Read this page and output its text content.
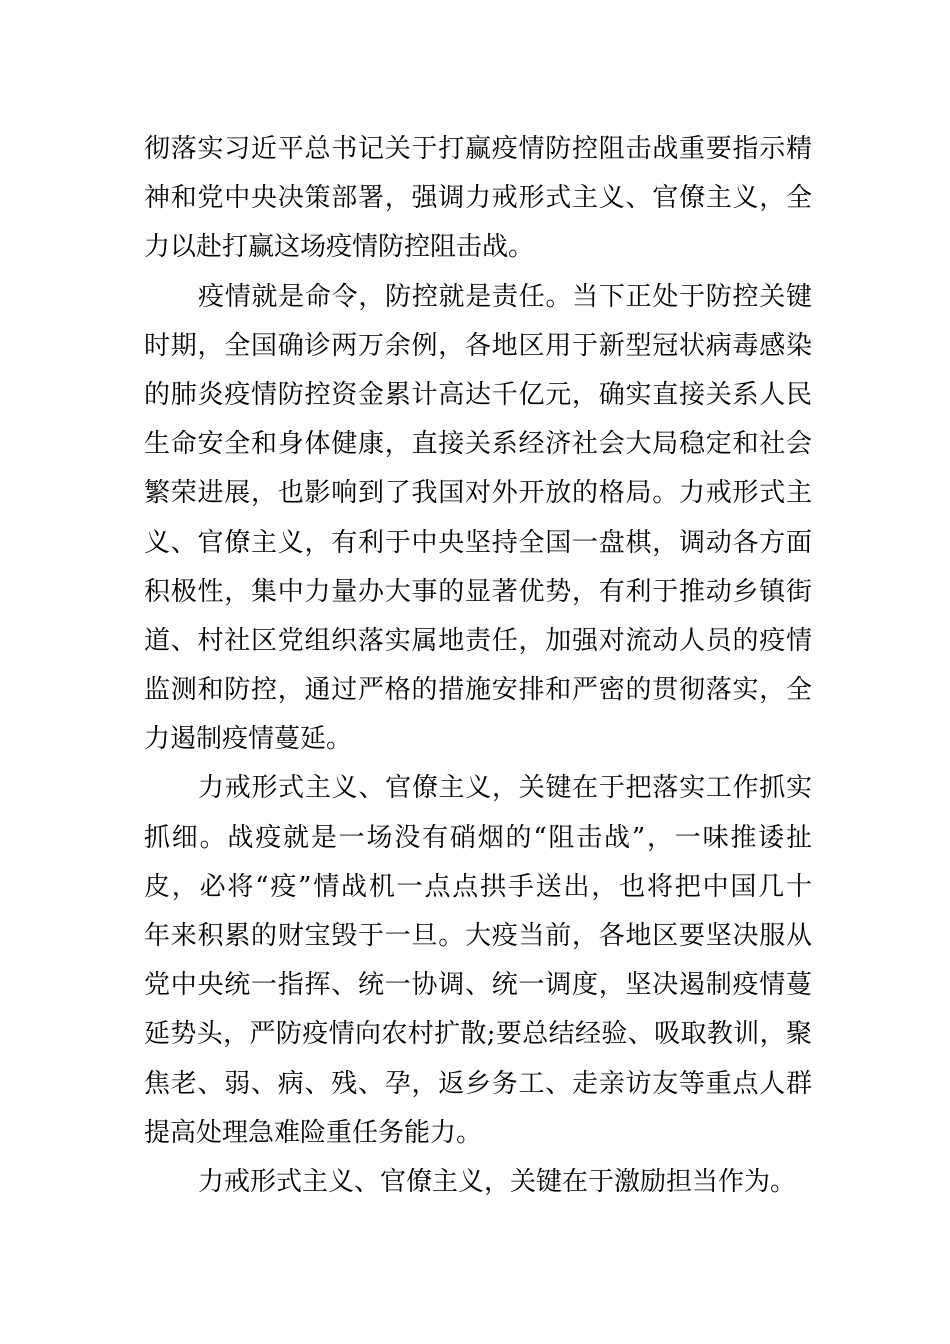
彻落实习近平总书记关于打赢疫情防控阻击战重要指示精
神和党中央决策部署，强调力戒形式主义、官僚主义，全
力以赴打赢这场疫情防控阻击战。
疫情就是命令，防控就是责任。当下正处于防控关键
时期，全国确诊两万余例，各地区用于新型冠状病毒感染
的肺炎疫情防控资金累计高达千亿元，确实直接关系人民
生命安全和身体健康，直接关系经济社会大局稳定和社会
繁荣进展，也影响到了我国对外开放的格局。力戒形式主
义、官僚主义，有利于中央坚持全国一盘棋，调动各方面
积极性，集中力量办大事的显著优势，有利于推动乡镇街
道、村社区党组织落实属地责任，加强对流动人员的疫情
监测和防控，通过严格的措施安排和严密的贯彻落实，全
力遏制疫情蔓延。
力戒形式主义、官僚主义，关键在于把落实工作抓实
抓细。战疫就是一场没有硝烟的“阻击战”，一味推诿扯
皮，必将“疫”情战机一点点拱手送出，也将把中国几十
年来积累的财宝毁于一旦。大疫当前，各地区要坚决服从
党中央统一指挥、统一协调、统一调度，坚决遏制疫情蔓
延势头，严防疫情向农村扩散;要总结经验、吸取教训，聚
焦老、弱、病、残、孕，返乡务工、走亲访友等重点人群
提高处理急难险重任务能力。
力戒形式主义、官僚主义，关键在于激励担当作为。
